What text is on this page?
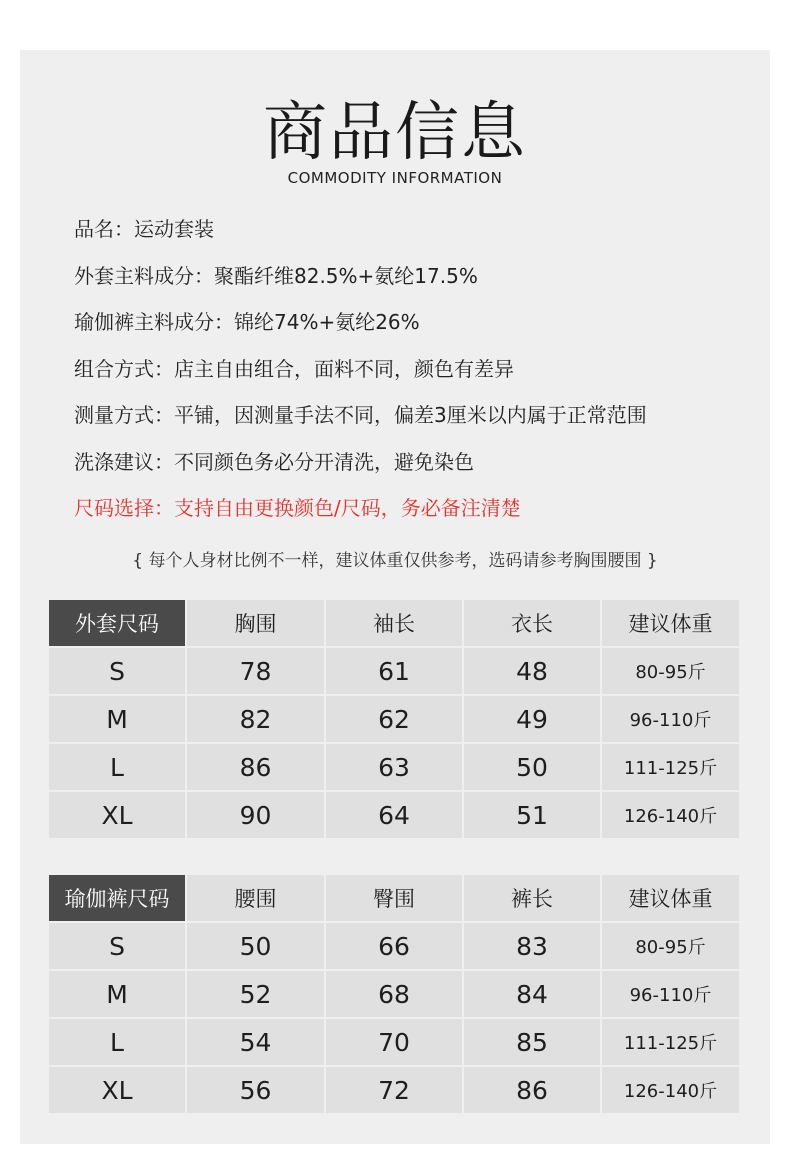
商品信息
COMMODITY INFORMATION
品名：运动套装
外套主料成分：聚酯纤维82.5%+氨纶17.5%
瑜伽裤主料成分：锦纶74%+氨纶26%
组合方式：店主自由组合，面料不同，颜色有差异
测量方式：平铺，因测量手法不同，偏差3厘米以内属于正常范围
洗涤建议：不同颜色务必分开清洗，避免染色
尺码选择：支持自由更换颜色/尺码，务必备注清楚
{ 每个人身材比例不一样，建议体重仅供参考，选码请参考胸围腰围 }
外套尺码	胸围	袖长	衣长	建议体重
S	78	61	48	80-95斤
M	82	62	49	96-110斤
L	86	63	50	111-125斤
XL	90	64	51	126-140斤
瑜伽裤尺码	腰围	臀围	裤长	建议体重
S	50	66	83	80-95斤
M	52	68	84	96-110斤
L	54	70	85	111-125斤
XL	56	72	86	126-140斤
